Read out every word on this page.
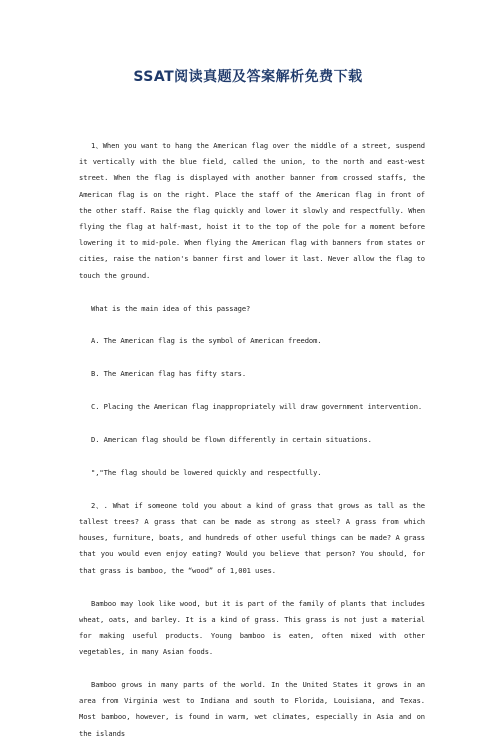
SSAT阅读真题及答案解析免费下载

1、When you want to hang the American flag over the middle of a street, suspend it vertically with the blue field, called the union, to the north and east-west street. When the flag is displayed with another banner from crossed staffs, the American flag is on the right. Place the staff of the American flag in front of the other staff. Raise the flag quickly and lower it slowly and respectfully. When flying the flag at half-mast, hoist it to the top of the pole for a moment before lowering it to mid-pole. When flying the American flag with banners from states or cities, raise the nation's banner first and lower it last. Never allow the flag to touch the ground.

What is the main idea of this passage?

A. The American flag is the symbol of American freedom.

B. The American flag has fifty stars.

C. Placing the American flag inappropriately will draw government intervention.

D. American flag should be flown differently in certain situations.

","The flag should be lowered quickly and respectfully.

2、. What if someone told you about a kind of grass that grows as tall as the tallest trees? A grass that can be made as strong as steel? A grass from which houses, furniture, boats, and hundreds of other useful things can be made? A grass that you would even enjoy eating? Would you believe that person? You should, for that grass is bamboo, the “wood” of 1,001 uses.

Bamboo may look like wood, but it is part of the family of plants that includes wheat, oats, and barley. It is a kind of grass. This grass is not just a material for making useful products. Young bamboo is eaten, often mixed with other vegetables, in many Asian foods.

Bamboo grows in many parts of the world. In the United States it grows in an area from Virginia west to Indiana and south to Florida, Louisiana, and Texas. Most bamboo, however, is found in warm, wet climates, especially in Asia and on the islands
